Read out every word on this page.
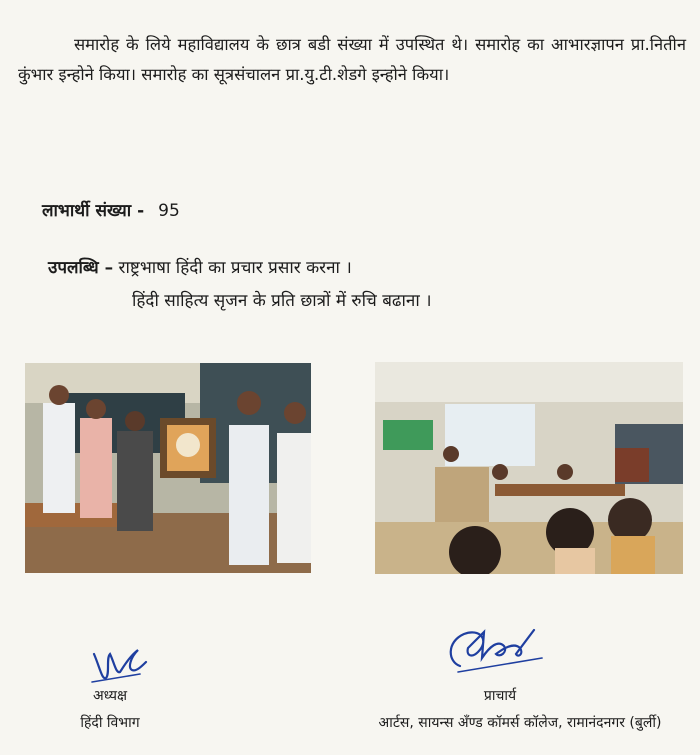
समारोह के लिये महाविद्यालय के छात्र बडी संख्या में उपस्थित थे। समारोह का आभारज्ञापन प्रा.नितीन कुंभार इन्होने किया। समारोह का सूत्रसंचालन प्रा.यु.टी.शेडगे इन्होने किया।

लाभार्थी संख्या - 95
उपलब्धि – राष्ट्रभाषा हिंदी का प्रचार प्रसार करना ।
हिंदी साहित्य सृजन के प्रति छात्रों में रुचि बढाना ।
अध्यक्ष
हिंदी विभाग
प्राचार्य
आर्टस, सायन्स अँण्ड कॉमर्स कॉलेज, रामानंदनगर (बुर्ली)
